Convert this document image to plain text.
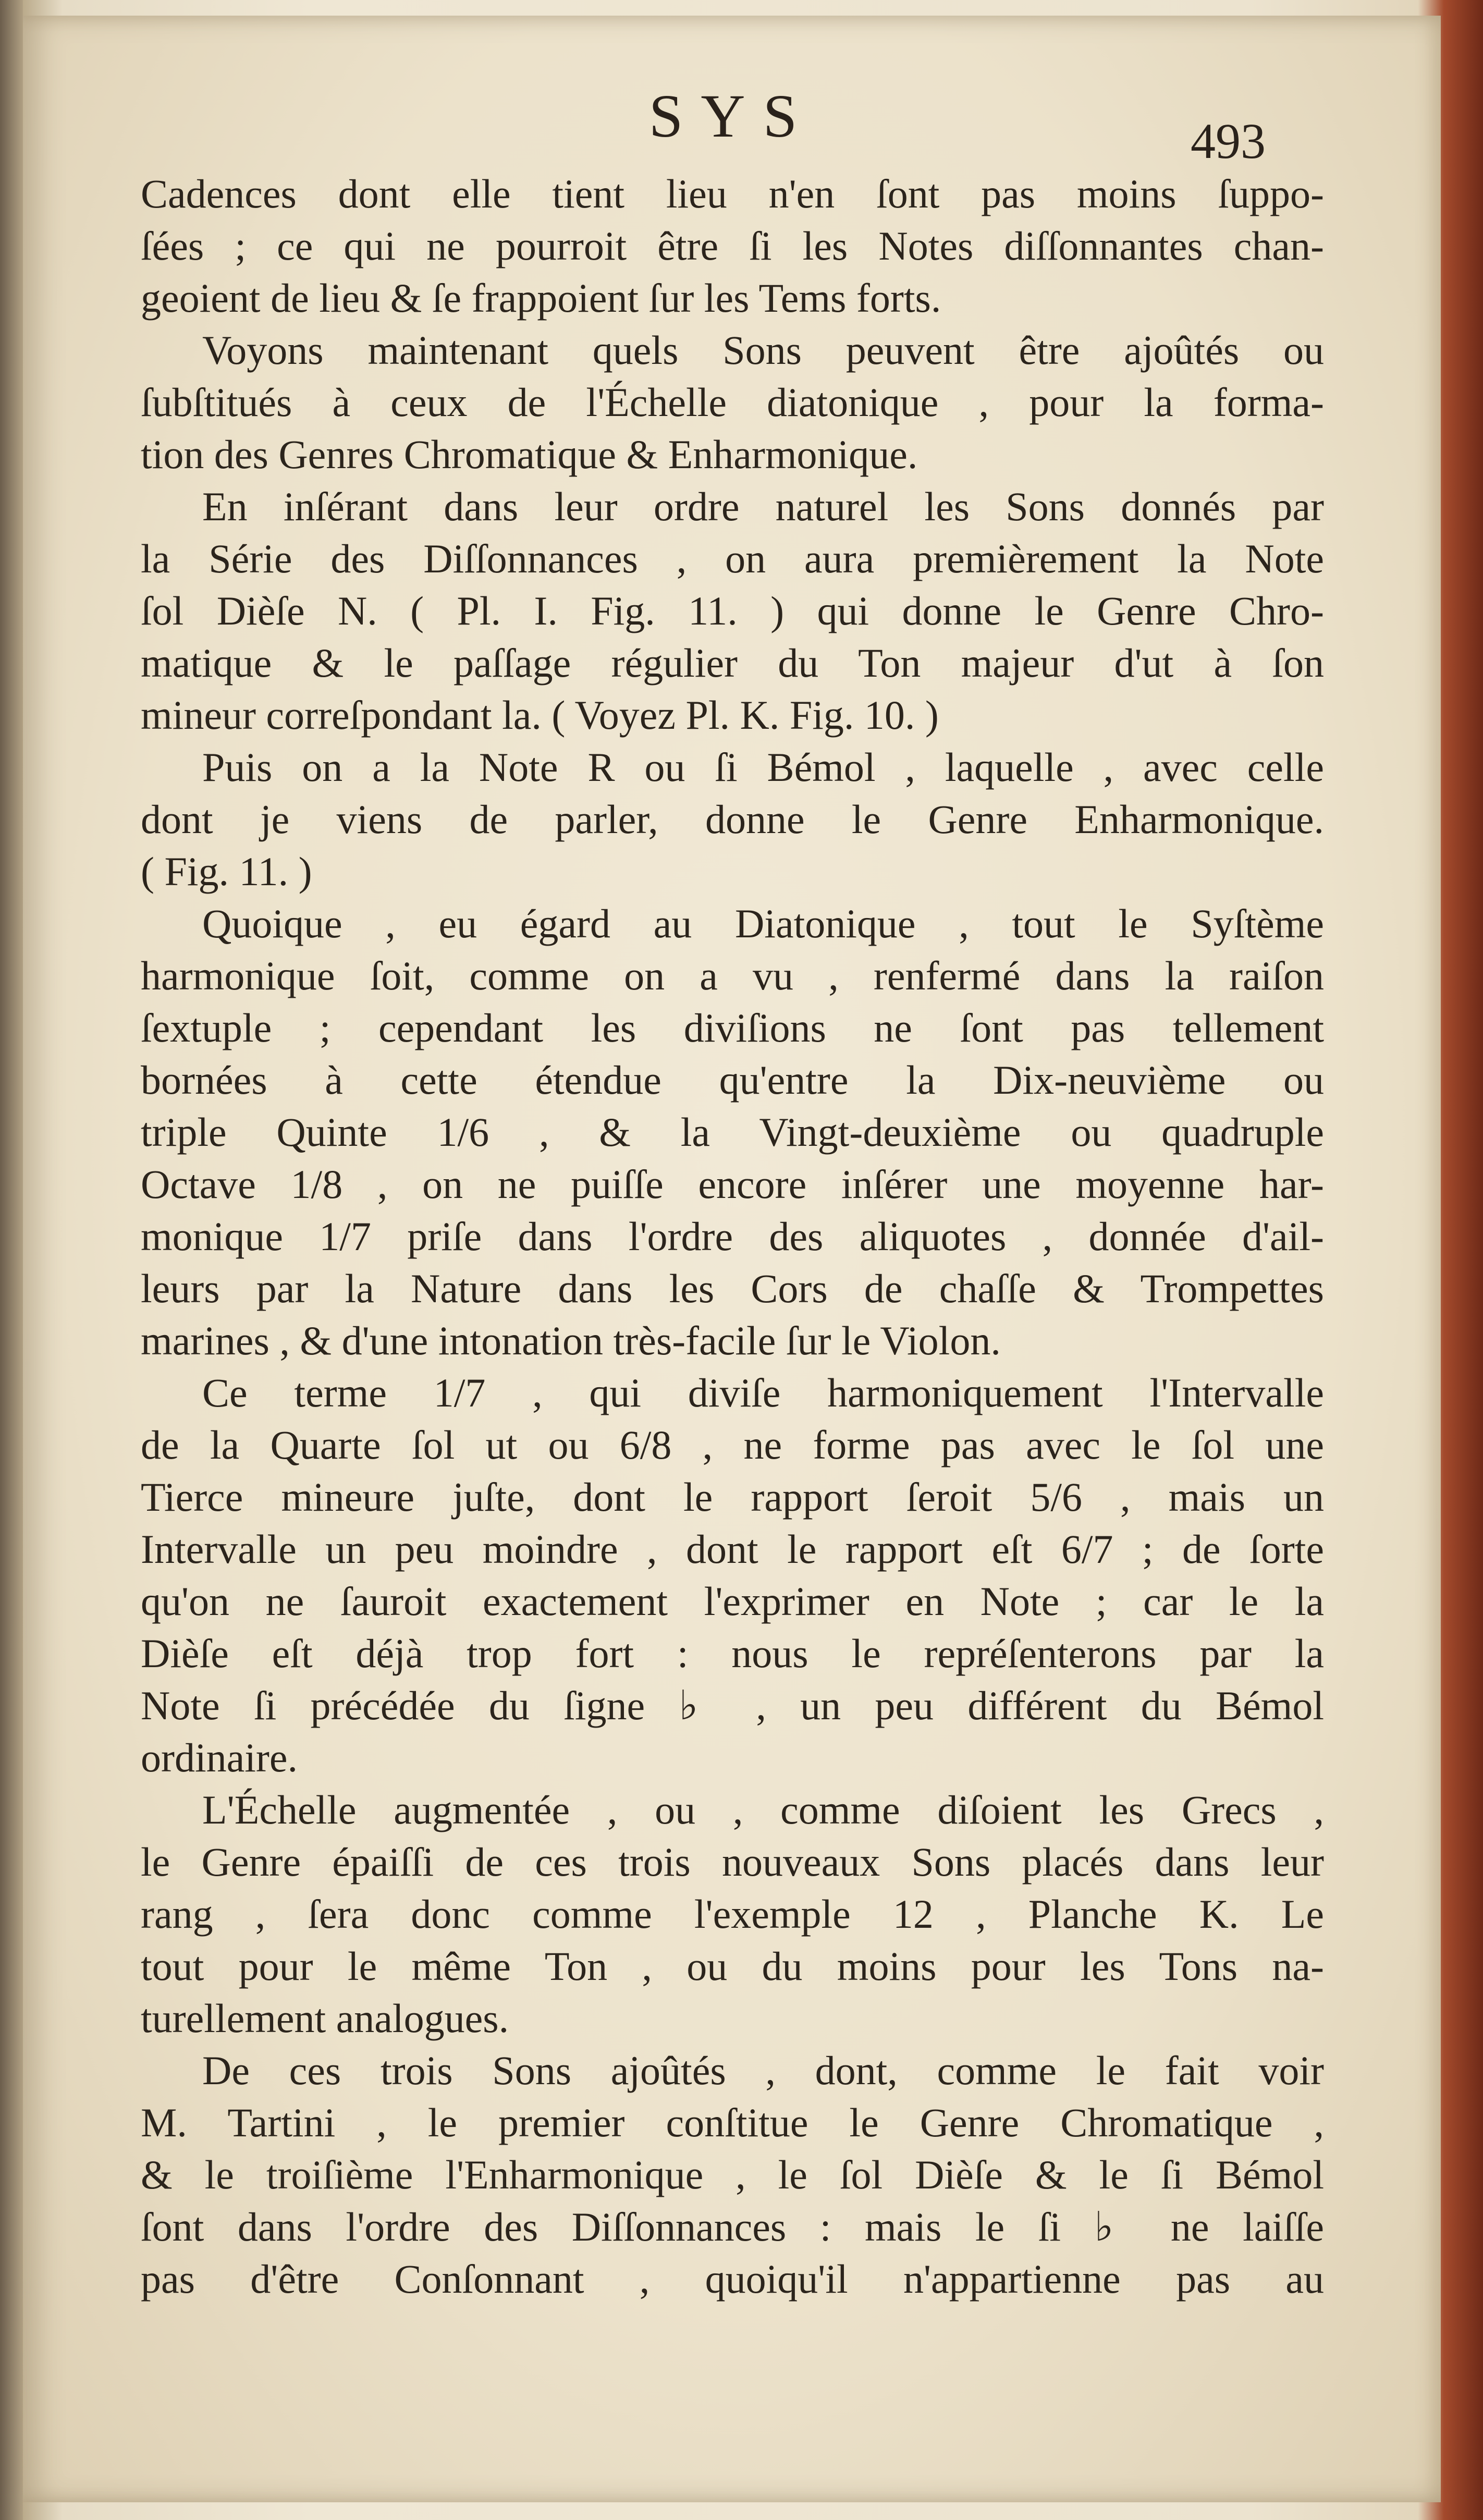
SYS	493
Cadences dont elle tient lieu n'en ſont pas moins ſuppo-
ſées ; ce qui ne pourroit être ſi les Notes diſſonnantes chan-
geoient de lieu & ſe frappoient ſur les Tems forts.
Voyons maintenant quels Sons peuvent être ajoûtés ou
ſubſtitués à ceux de l'Échelle diatonique , pour la forma-
tion des Genres Chromatique & Enharmonique.
En inſérant dans leur ordre naturel les Sons donnés par
la Série des Diſſonnances , on aura premièrement la Note
ſol Dièſe N. ( Pl. I. Fig. 11. ) qui donne le Genre Chro-
matique & le paſſage régulier du Ton majeur d'ut à ſon
mineur correſpondant la. ( Voyez Pl. K. Fig. 10. )
Puis on a la Note R ou ſi Bémol , laquelle , avec celle
dont je viens de parler, donne le Genre Enharmonique.
( Fig. 11. )
Quoique , eu égard au Diatonique , tout le Syſtème
harmonique ſoit, comme on a vu , renfermé dans la raiſon
ſextuple ; cependant les diviſions ne ſont pas tellement
bornées à cette étendue qu'entre la Dix-neuvième ou
triple Quinte 1/6 , & la Vingt-deuxième ou quadruple
Octave 1/8 , on ne puiſſe encore inſérer une moyenne har-
monique 1/7 priſe dans l'ordre des aliquotes , donnée d'ail-
leurs par la Nature dans les Cors de chaſſe & Trompettes
marines , & d'une intonation très-facile ſur le Violon.
Ce terme 1/7 , qui diviſe harmoniquement l'Intervalle
de la Quarte ſol ut ou 6/8 , ne forme pas avec le ſol une
Tierce mineure juſte, dont le rapport ſeroit 5/6 , mais un
Intervalle un peu moindre , dont le rapport eſt 6/7 ; de ſorte
qu'on ne ſauroit exactement l'exprimer en Note ; car le la
Dièſe eſt déjà trop fort : nous le repréſenterons par la
Note ſi précédée du ſigne ♭ , un peu différent du Bémol
ordinaire.
L'Échelle augmentée , ou , comme diſoient les Grecs ,
le Genre épaiſſi de ces trois nouveaux Sons placés dans leur
rang , ſera donc comme l'exemple 12 , Planche K. Le
tout pour le même Ton , ou du moins pour les Tons na-
turellement analogues.
De ces trois Sons ajoûtés , dont, comme le fait voir
M. Tartini , le premier conſtitue le Genre Chromatique ,
& le troiſième l'Enharmonique , le ſol Dièſe & le ſi Bémol
ſont dans l'ordre des Diſſonnances : mais le ſi ♭ ne laiſſe
pas d'être Conſonnant , quoiqu'il n'appartienne pas au
